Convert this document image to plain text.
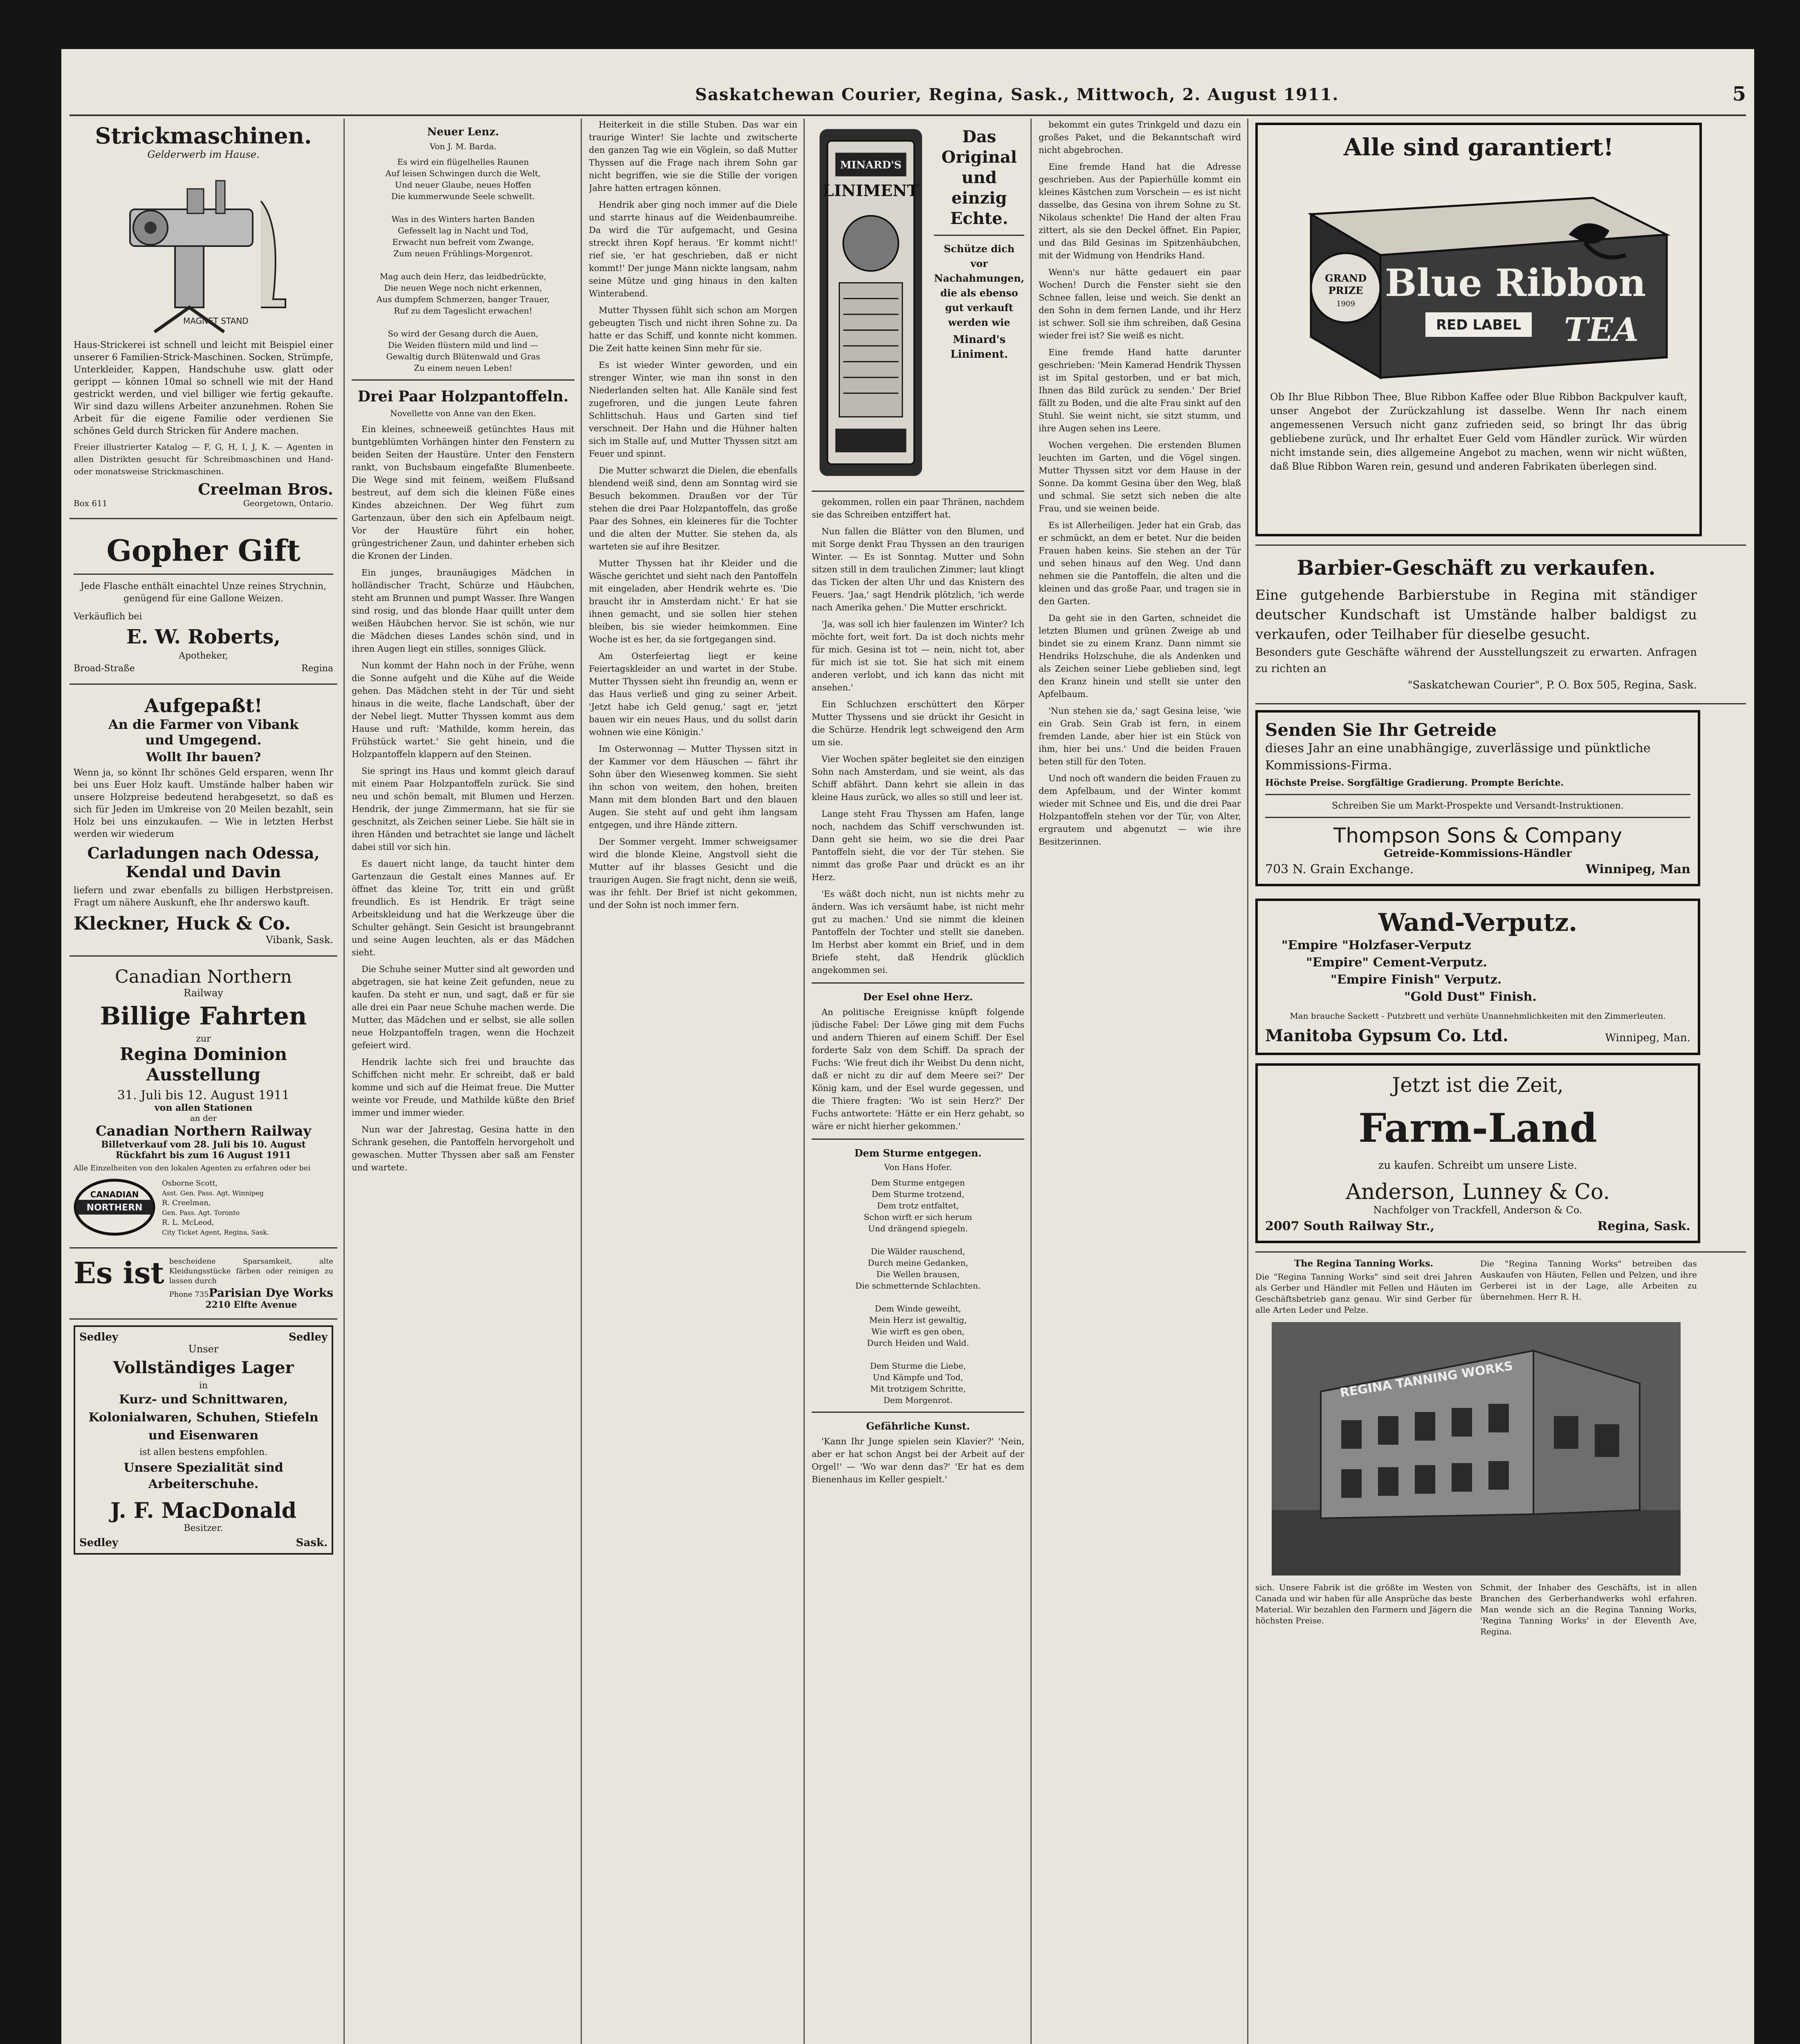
Saskatchewan Courier, Regina, Sask., Mittwoch, 2. August 1911.	5
Strickmaschinen.
Gelderwerb im Hause.
MAGNET STAND
Haus-Strickerei ist schnell und leicht mit Beispiel einer unserer 6 Familien-Strick-Maschinen. Socken, Strümpfe, Unterkleider, Kappen, Handschuhe usw. glatt oder gerippt — können 10mal so schnell wie mit der Hand gestrickt werden, und viel billiger wie fertig gekaufte. Wir sind dazu willens Arbeiter anzunehmen. Rohen Sie Arbeit für die eigene Familie oder verdienen Sie schönes Geld durch Stricken für Andere machen.
Freier illustrierter Katalog — F, G, H, I, J, K. — Agenten in allen Distrikten gesucht für Schreibmaschinen und Hand- oder monatsweise Strickmaschinen.
Box 611
Creelman Bros.
Georgetown, Ontario.
Gopher Gift
Jede Flasche enthält einachtel Unze reines Strychnin, genügend für eine Gallone Weizen.
Verkäuflich bei
E. W. Roberts,
Apotheker,
Broad-Straße	Regina
Aufgepaßt!
An die Farmer von Vibank
und Umgegend.
Wollt Ihr bauen?
Wenn ja, so könnt Ihr schönes Geld ersparen, wenn Ihr bei uns Euer Holz kauft. Umstände halber haben wir unsere Holzpreise bedeutend herabgesetzt, so daß es sich für Jeden im Umkreise von 20 Meilen bezahlt, sein Holz bei uns einzukaufen. — Wie in letzten Herbst werden wir wiederum
Carladungen nach Odessa, Kendal und Davin
liefern und zwar ebenfalls zu billigen Herbstpreisen. Fragt um nähere Auskunft, ehe Ihr anderswo kauft.
Kleckner, Huck & Co.
Vibank, Sask.
Canadian Northern
Railway
Billige Fahrten
zur
Regina Dominion Ausstellung
31. Juli bis 12. August 1911
von allen Stationen
an der
Canadian Northern Railway
Billetverkauf vom 28. Juli bis 10. August
Rückfahrt bis zum 16 August 1911
Alle Einzelheiten von den lokalen Agenten zu erfahren oder bei
CANADIAN
NORTHERN
Osborne Scott,
Asst. Gen. Pass. Agt. Winnipeg
R. Creelman,
Gen. Pass. Agt. Toronto
R. L. McLeod,
City Ticket Agent, Regina, Sask.
Es ist bescheidene Sparsamkeit, alte Kleidungsstücke färben oder reinigen zu lassen durch
Phone 735 Parisian Dye Works
2210 Elfte Avenue
Sedley	Sedley
Unser
Vollständiges Lager
in
Kurz- und Schnittwaren, Kolonialwaren, Schuhen, Stiefeln und Eisenwaren
ist allen bestens empfohlen.
Unsere Spezialität sind Arbeiterschuhe.
J. F. MacDonald
Besitzer.
Sedley	Sask.
Neuer Lenz.
Von J. M. Barda.
Es wird ein flügelhelles Raunen
Auf leisen Schwingen durch die Welt,
Und neuer Glaube, neues Hoffen
Die kummerwunde Seele schwellt.

Was in des Winters harten Banden
Gefesselt lag in Nacht und Tod,
Erwacht nun befreit vom Zwange,
Zum neuen Frühlings-Morgenrot.

Mag auch dein Herz, das leidbedrückte,
Die neuen Wege noch nicht erkennen,
Aus dumpfem Schmerzen, banger Trauer,
Ruf zu dem Tageslicht erwachen!

So wird der Gesang durch die Auen,
Die Weiden flüstern mild und lind —
Gewaltig durch Blütenwald und Gras
Zu einem neuen Leben!
Drei Paar Holzpantoffeln.
Novellette von Anne van den Eken.

Ein kleines, schneeweiß getünchtes Haus mit buntgeblümten Vorhängen hinter den Fenstern zu beiden Seiten der Haustüre. Unter den Fenstern rankt, von Buchsbaum eingefaßte Blumenbeete. Die Wege sind mit feinem, weißem Flußsand bestreut, auf dem sich die kleinen Füße eines Kindes abzeichnen. Der Weg führt zum Gartenzaun, über den sich ein Apfelbaum neigt. Vor der Haustüre führt ein hoher, grüngestrichener Zaun, und dahinter erheben sich die Kronen der Linden.

Ein junges, braunäugiges Mädchen in holländischer Tracht, Schürze und Häubchen, steht am Brunnen und pumpt Wasser. Ihre Wangen sind rosig, und das blonde Haar quillt unter dem weißen Häubchen hervor. Sie ist schön, wie nur die Mädchen dieses Landes schön sind, und in ihren Augen liegt ein stilles, sonniges Glück.

Nun kommt der Hahn noch in der Frühe, wenn die Sonne aufgeht und die Kühe auf die Weide gehen. Das Mädchen steht in der Tür und sieht hinaus in die weite, flache Landschaft, über der der Nebel liegt. Mutter Thyssen kommt aus dem Hause und ruft: 'Mathilde, komm herein, das Frühstück wartet.' Sie geht hinein, und die Holzpantoffeln klappern auf den Steinen.

Sie springt ins Haus und kommt gleich darauf mit einem Paar Holzpantoffeln zurück. Sie sind neu und schön bemalt, mit Blumen und Herzen. Hendrik, der junge Zimmermann, hat sie für sie geschnitzt, als Zeichen seiner Liebe. Sie hält sie in ihren Händen und betrachtet sie lange und lächelt dabei still vor sich hin.

Es dauert nicht lange, da taucht hinter dem Gartenzaun die Gestalt eines Mannes auf. Er öffnet das kleine Tor, tritt ein und grüßt freundlich. Es ist Hendrik. Er trägt seine Arbeitskleidung und hat die Werkzeuge über die Schulter gehängt. Sein Gesicht ist braungebrannt und seine Augen leuchten, als er das Mädchen sieht.

Die Schuhe seiner Mutter sind alt geworden und abgetragen, sie hat keine Zeit gefunden, neue zu kaufen. Da steht er nun, und sagt, daß er für sie alle drei ein Paar neue Schuhe machen werde. Die Mutter, das Mädchen und er selbst, sie alle sollen neue Holzpantoffeln tragen, wenn die Hochzeit gefeiert wird.

Hendrik lachte sich frei und brauchte das Schiffchen nicht mehr. Er schreibt, daß er bald komme und sich auf die Heimat freue. Die Mutter weinte vor Freude, und Mathilde küßte den Brief immer und immer wieder.

Nun war der Jahrestag, Gesina hatte in den Schrank gesehen, die Pantoffeln hervorgeholt und gewaschen. Mutter Thyssen aber saß am Fenster und wartete.

Heiterkeit in die stille Stuben. Das war ein traurige Winter! Sie lachte und zwitscherte den ganzen Tag wie ein Vöglein, so daß Mutter Thyssen auf die Frage nach ihrem Sohn gar nicht begriffen, wie sie die Stille der vorigen Jahre hatten ertragen können.

Hendrik aber ging noch immer auf die Diele und starrte hinaus auf die Weidenbaumreihe. Da wird die Tür aufgemacht, und Gesina streckt ihren Kopf heraus. 'Er kommt nicht!' rief sie, 'er hat geschrieben, daß er nicht kommt!' Der junge Mann nickte langsam, nahm seine Mütze und ging hinaus in den kalten Winterabend.

Mutter Thyssen fühlt sich schon am Morgen gebeugten Tisch und nicht ihren Sohne zu. Da hatte er das Schiff, und konnte nicht kommen. Die Zeit hatte keinen Sinn mehr für sie.

Es ist wieder Winter geworden, und ein strenger Winter, wie man ihn sonst in den Niederlanden selten hat. Alle Kanäle sind fest zugefroren, und die jungen Leute fahren Schlittschuh. Haus und Garten sind tief verschneit. Der Hahn und die Hühner halten sich im Stalle auf, und Mutter Thyssen sitzt am Feuer und spinnt.

Die Mutter schwarzt die Dielen, die ebenfalls blendend weiß sind, denn am Sonntag wird sie Besuch bekommen. Draußen vor der Tür stehen die drei Paar Holzpantoffeln, das große Paar des Sohnes, ein kleineres für die Tochter und die alten der Mutter. Sie stehen da, als warteten sie auf ihre Besitzer.

Mutter Thyssen hat ihr Kleider und die Wäsche gerichtet und sieht nach den Pantoffeln mit eingeladen, aber Hendrik wehrte es. 'Die braucht ihr in Amsterdam nicht.' Er hat sie ihnen gemacht, und sie sollen hier stehen bleiben, bis sie wieder heimkommen. Eine Woche ist es her, da sie fortgegangen sind.

Am Osterfeiertag liegt er keine Feiertagskleider an und wartet in der Stube. Mutter Thyssen sieht ihn freundig an, wenn er das Haus verließ und ging zu seiner Arbeit. 'Jetzt habe ich Geld genug,' sagt er, 'jetzt bauen wir ein neues Haus, und du sollst darin wohnen wie eine Königin.'

Im Osterwonnag — Mutter Thyssen sitzt in der Kammer vor dem Häuschen — fährt ihr Sohn über den Wiesenweg kommen. Sie sieht ihn schon von weitem, den hohen, breiten Mann mit dem blonden Bart und den blauen Augen. Sie steht auf und geht ihm langsam entgegen, und ihre Hände zittern.

Der Sommer vergeht. Immer schweigsamer wird die blonde Kleine, Angstvoll sieht die Mutter auf ihr blasses Gesicht und die traurigen Augen. Sie fragt nicht, denn sie weiß, was ihr fehlt. Der Brief ist nicht gekommen, und der Sohn ist noch immer fern.

MINARD'S
LINIMENT
Das Original und einzig Echte.
Schütze dich vor Nachahmungen, die als ebenso gut verkauft werden wie
Minard's Liniment.

gekommen, rollen ein paar Thränen, nachdem sie das Schreiben entziffert hat.

Nun fallen die Blätter von den Blumen, und mit Sorge denkt Frau Thyssen an den traurigen Winter. — Es ist Sonntag. Mutter und Sohn sitzen still in dem traulichen Zimmer; laut klingt das Ticken der alten Uhr und das Knistern des Feuers. 'Jaa,' sagt Hendrik plötzlich, 'ich werde nach Amerika gehen.' Die Mutter erschrickt.

'Ja, was soll ich hier faulenzen im Winter? Ich möchte fort, weit fort. Da ist doch nichts mehr für mich. Gesina ist tot — nein, nicht tot, aber für mich ist sie tot. Sie hat sich mit einem anderen verlobt, und ich kann das nicht mit ansehen.'

Ein Schluchzen erschüttert den Körper Mutter Thyssens und sie drückt ihr Gesicht in die Schürze. Hendrik legt schweigend den Arm um sie.

Vier Wochen später begleitet sie den einzigen Sohn nach Amsterdam, und sie weint, als das Schiff abfährt. Dann kehrt sie allein in das kleine Haus zurück, wo alles so still und leer ist.

Lange steht Frau Thyssen am Hafen, lange noch, nachdem das Schiff verschwunden ist. Dann geht sie heim, wo sie die drei Paar Pantoffeln sieht, die vor der Tür stehen. Sie nimmt das große Paar und drückt es an ihr Herz.

'Es wäßt doch nicht, nun ist nichts mehr zu ändern. Was ich versäumt habe, ist nicht mehr gut zu machen.' Und sie nimmt die kleinen Pantoffeln der Tochter und stellt sie daneben. Im Herbst aber kommt ein Brief, und in dem Briefe steht, daß Hendrik glücklich angekommen sei.

Der Esel ohne Herz.

An politische Ereignisse knüpft folgende jüdische Fabel: Der Löwe ging mit dem Fuchs und andern Thieren auf einem Schiff. Der Esel forderte Salz von dem Schiff. Da sprach der Fuchs: 'Wie freut dich ihr Weibst Du denn nicht, daß er nicht zu dir auf dem Meere sei?' Der König kam, und der Esel wurde gegessen, und die Thiere fragten: 'Wo ist sein Herz?' Der Fuchs antwortete: 'Hätte er ein Herz gehabt, so wäre er nicht hierher gekommen.'

Dem Sturme entgegen.
Von Hans Hofer.
Dem Sturme entgegen
Dem Sturme trotzend,
Dem trotz entfaltet,
Schon wirft er sich herum
Und drängend spiegeln.

Die Wälder rauschend,
Durch meine Gedanken,
Die Wellen brausen,
Die schmetternde Schlachten.

Dem Winde geweiht,
Mein Herz ist gewaltig,
Wie wirft es gen oben,
Durch Heiden und Wald.

Dem Sturme die Liebe,
Und Kämpfe und Tod,
Mit trotzigem Schritte,
Dem Morgenrot.
Gefährliche Kunst.

'Kann Ihr Junge spielen sein Klavier?' 'Nein, aber er hat schon Angst bei der Arbeit auf der Orgel!' — 'Wo war denn das?' 'Er hat es dem Bienenhaus im Keller gespielt.'

bekommt ein gutes Trinkgeld und dazu ein großes Paket, und die Bekanntschaft wird nicht abgebrochen.

Eine fremde Hand hat die Adresse geschrieben. Aus der Papierhülle kommt ein kleines Kästchen zum Vorschein — es ist nicht dasselbe, das Gesina von ihrem Sohne zu St. Nikolaus schenkte! Die Hand der alten Frau zittert, als sie den Deckel öffnet. Ein Papier, und das Bild Gesinas im Spitzenhäubchen, mit der Widmung von Hendriks Hand.

Wenn's nur hätte gedauert ein paar Wochen! Durch die Fenster sieht sie den Schnee fallen, leise und weich. Sie denkt an den Sohn in dem fernen Lande, und ihr Herz ist schwer. Soll sie ihm schreiben, daß Gesina wieder frei ist? Sie weiß es nicht.

Eine fremde Hand hatte darunter geschrieben: 'Mein Kamerad Hendrik Thyssen ist im Spital gestorben, und er bat mich, Ihnen das Bild zurück zu senden.' Der Brief fällt zu Boden, und die alte Frau sinkt auf den Stuhl. Sie weint nicht, sie sitzt stumm, und ihre Augen sehen ins Leere.

Wochen vergehen. Die erstenden Blumen leuchten im Garten, und die Vögel singen. Mutter Thyssen sitzt vor dem Hause in der Sonne. Da kommt Gesina über den Weg, blaß und schmal. Sie setzt sich neben die alte Frau, und sie weinen beide.

Es ist Allerheiligen. Jeder hat ein Grab, das er schmückt, an dem er betet. Nur die beiden Frauen haben keins. Sie stehen an der Tür und sehen hinaus auf den Weg. Und dann nehmen sie die Pantoffeln, die alten und die kleinen und das große Paar, und tragen sie in den Garten.

Da geht sie in den Garten, schneidet die letzten Blumen und grünen Zweige ab und bindet sie zu einem Kranz. Dann nimmt sie Hendriks Holzschuhe, die als Andenken und als Zeichen seiner Liebe geblieben sind, legt den Kranz hinein und stellt sie unter den Apfelbaum.

'Nun stehen sie da,' sagt Gesina leise, 'wie ein Grab. Sein Grab ist fern, in einem fremden Lande, aber hier ist ein Stück von ihm, hier bei uns.' Und die beiden Frauen beten still für den Toten.

Und noch oft wandern die beiden Frauen zu dem Apfelbaum, und der Winter kommt wieder mit Schnee und Eis, und die drei Paar Holzpantoffeln stehen vor der Tür, von Alter, ergrautem und abgenutzt — wie ihre Besitzerinnen.

Alle sind garantiert!
GRAND
PRIZE
1909 Blue Ribbon
RED LABEL TEA
Ob Ihr Blue Ribbon Thee, Blue Ribbon Kaffee oder Blue Ribbon Backpulver kauft, unser Angebot der Zurückzahlung ist dasselbe. Wenn Ihr nach einem angemessenen Versuch nicht ganz zufrieden seid, so bringt Ihr das übrig gebliebene zurück, und Ihr erhaltet Euer Geld vom Händler zurück. Wir würden nicht imstande sein, dies allgemeine Angebot zu machen, wenn wir nicht wüßten, daß Blue Ribbon Waren rein, gesund und anderen Fabrikaten überlegen sind.
Barbier-Geschäft zu verkaufen.
Eine gutgehende Barbierstube in Regina mit ständiger deutscher Kundschaft ist Umstände halber baldigst zu verkaufen, oder Teilhaber für dieselbe gesucht.
Besonders gute Geschäfte während der Ausstellungszeit zu erwarten. Anfragen zu richten an
"Saskatchewan Courier", P. O. Box 505, Regina, Sask.
Senden Sie Ihr Getreide
dieses Jahr an eine unabhängige, zuverlässige und pünktliche Kommissions-Firma.
Höchste Preise. Sorgfältige Gradierung. Prompte Berichte.
Schreiben Sie um Markt-Prospekte und Versandt-Instruktionen.
Thompson Sons & Company
Getreide-Kommissions-Händler
703 N. Grain Exchange.	Winnipeg, Man
Wand-Verputz.
"Empire "Holzfaser-Verputz
"Empire" Cement-Verputz.
"Empire Finish" Verputz.
"Gold Dust" Finish.
Man brauche Sackett - Putzbrett und verhüte Unannehmlichkeiten mit den Zimmerleuten.
Manitoba Gypsum Co. Ltd.	Winnipeg, Man.
Jetzt ist die Zeit,
Farm-Land
zu kaufen. Schreibt um unsere Liste.
Anderson, Lunney & Co.
Nachfolger von Trackfell, Anderson & Co.
2007 South Railway Str.,	Regina, Sask.
The Regina Tanning Works.
Die "Regina Tanning Works" sind seit drei Jahren als Gerber und Händler mit Fellen und Häuten im Geschäftsbetrieb ganz genau. Wir sind Gerber für alle Arten Leder und Pelze.
Die "Regina Tanning Works" betreiben das Auskaufen von Häuten, Fellen und Pelzen, und ihre Gerberei ist in der Lage, alle Arbeiten zu übernehmen. Herr R. H.
REGINA TANNING WORKS
sich. Unsere Fabrik ist die größte im Westen von Canada und wir haben für alle Ansprüche das beste Material. Wir bezahlen den Farmern und Jägern die höchsten Preise.
Schmit, der Inhaber des Geschäfts, ist in allen Branchen des Gerberhandwerks wohl erfahren. Man wende sich an die Regina Tanning Works, 'Regina Tanning Works' in der Eleventh Ave, Regina.
